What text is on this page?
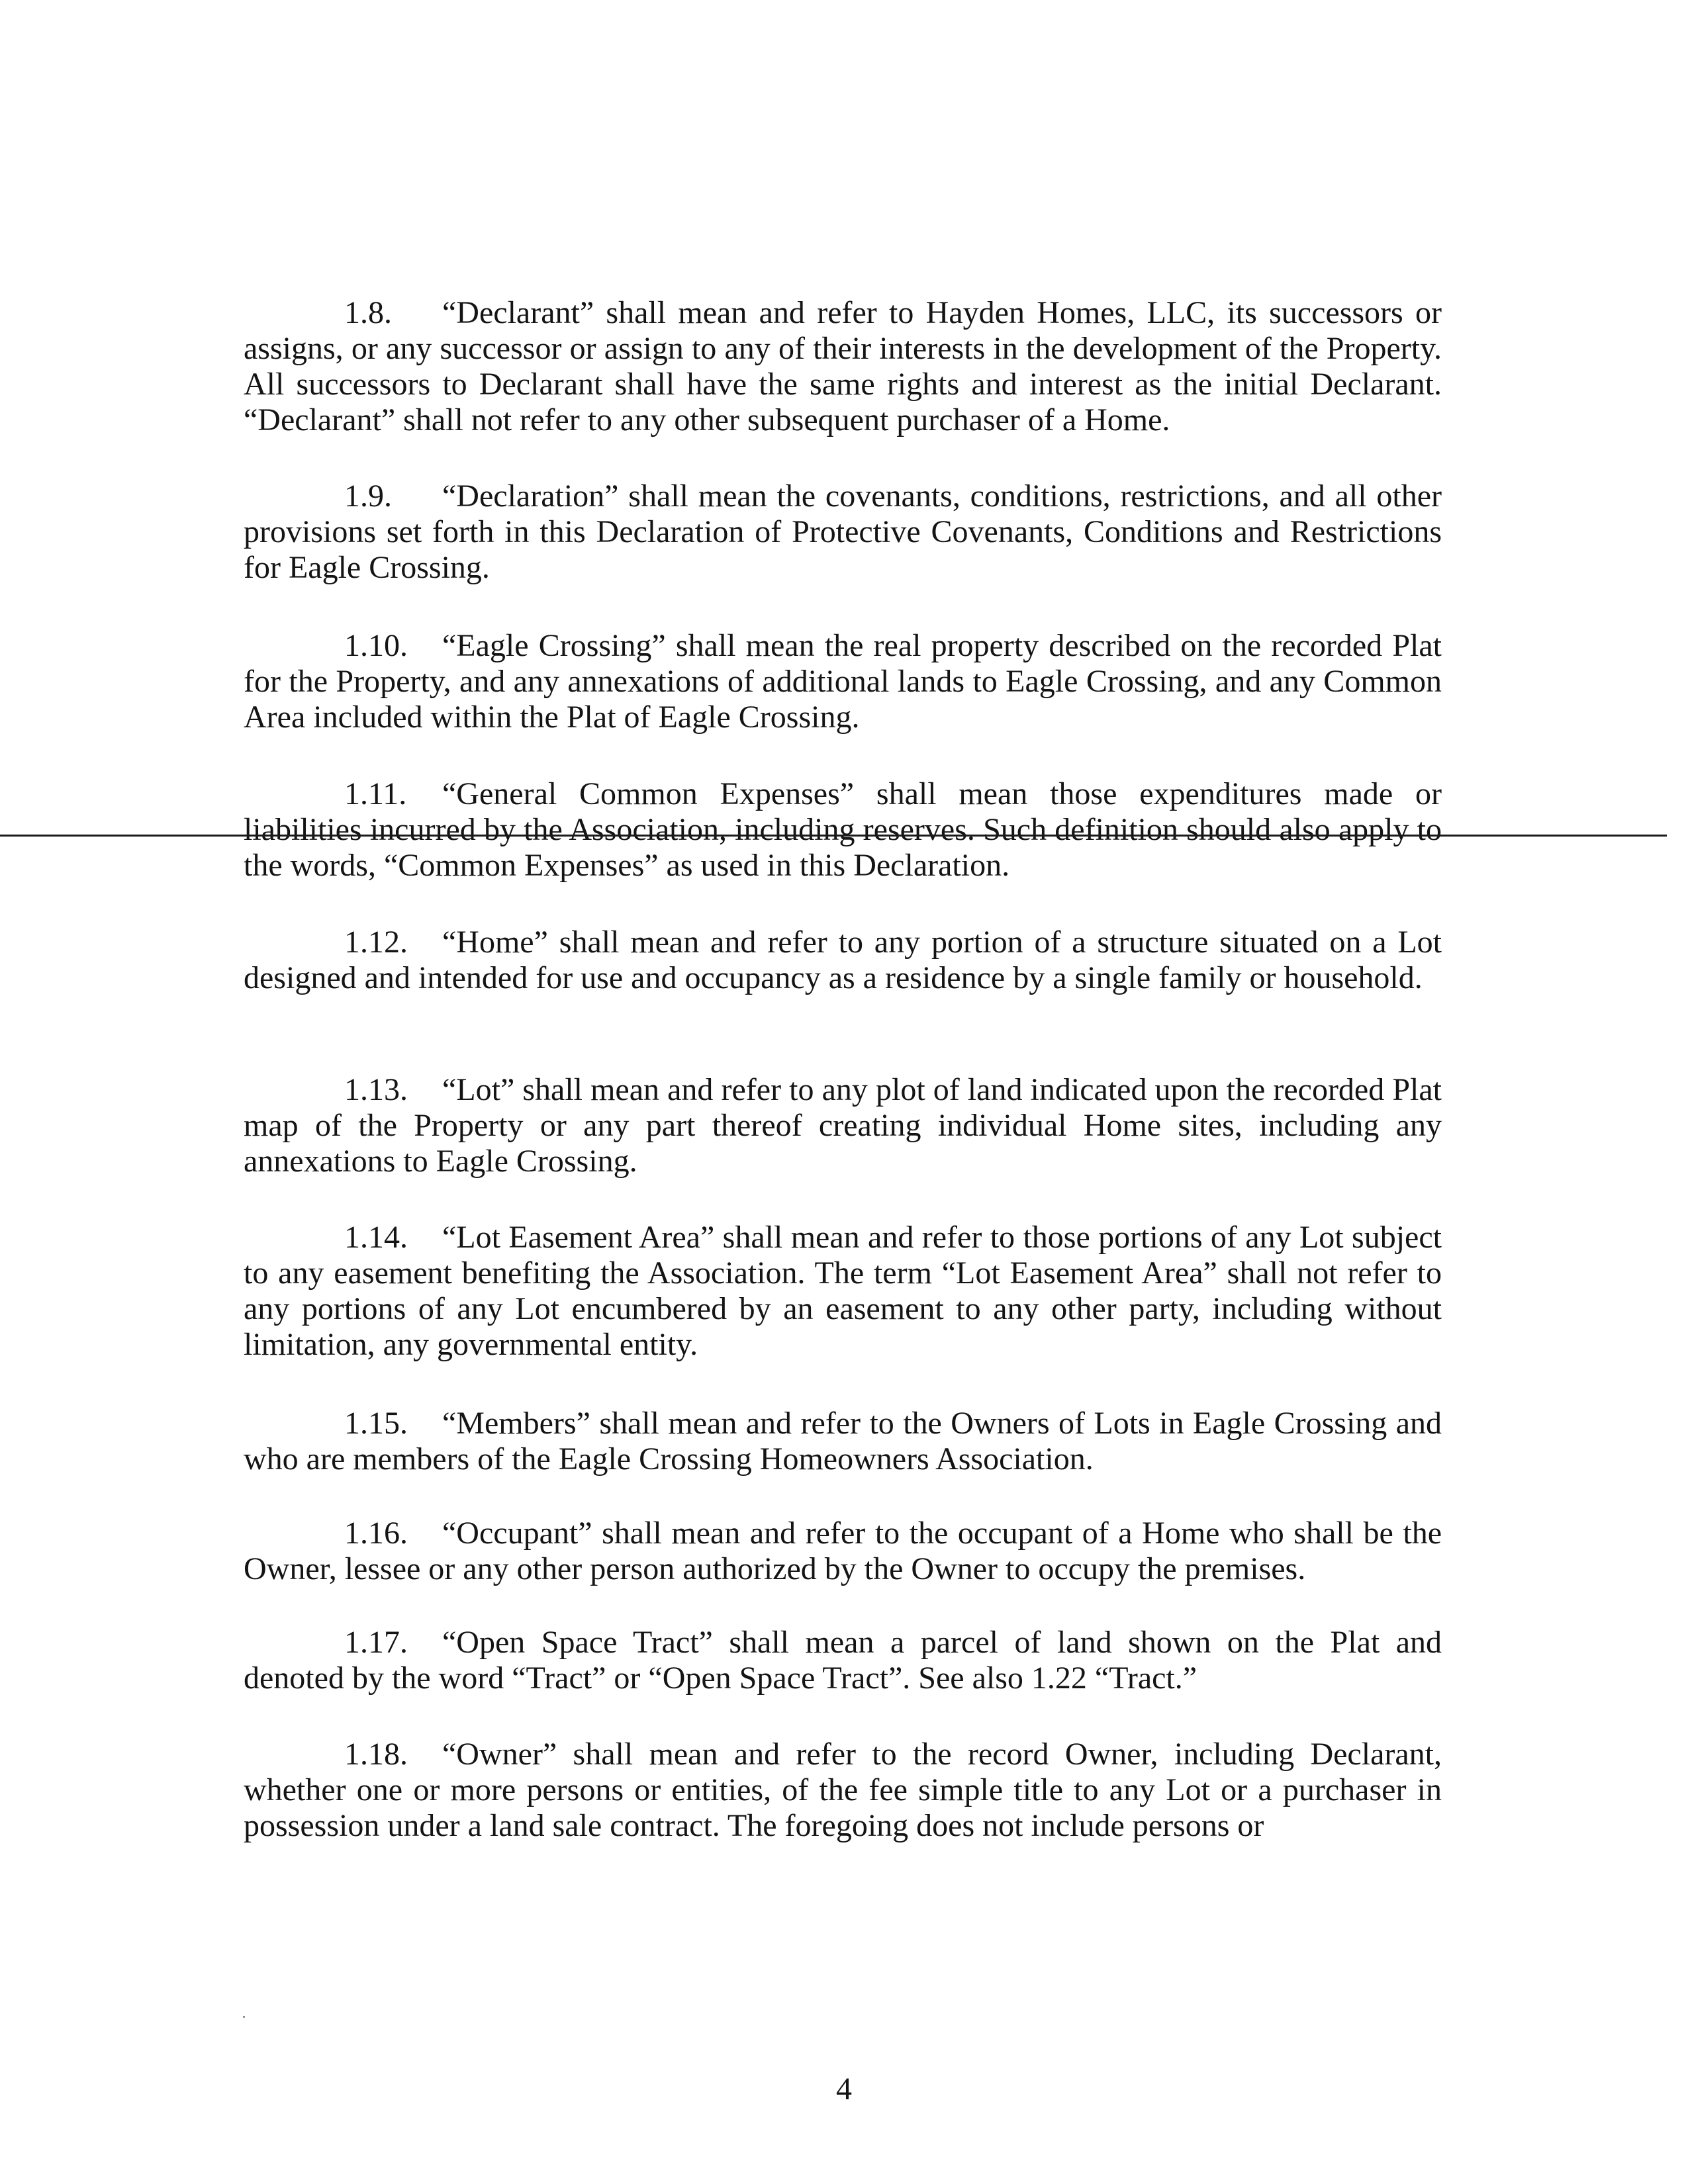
1.8. “Declarant” shall mean and refer to Hayden Homes, LLC, its successors or assigns, or any successor or assign to any of their interests in the development of the Property. All successors to Declarant shall have the same rights and interest as the initial Declarant. “Declarant” shall not refer to any other subsequent purchaser of a Home.
1.9. “Declaration” shall mean the covenants, conditions, restrictions, and all other provisions set forth in this Declaration of Protective Covenants, Conditions and Restrictions for Eagle Crossing.
1.10. “Eagle Crossing” shall mean the real property described on the recorded Plat for the Property, and any annexations of additional lands to Eagle Crossing, and any Common Area included within the Plat of Eagle Crossing.
1.11. “General Common Expenses” shall mean those expenditures made or liabilities incurred by the Association, including reserves. Such definition should also apply to the words, “Common Expenses” as used in this Declaration.
1.12. “Home” shall mean and refer to any portion of a structure situated on a Lot designed and intended for use and occupancy as a residence by a single family or household.
1.13. “Lot” shall mean and refer to any plot of land indicated upon the recorded Plat map of the Property or any part thereof creating individual Home sites, including any annexations to Eagle Crossing.
1.14. “Lot Easement Area” shall mean and refer to those portions of any Lot subject to any easement benefiting the Association. The term “Lot Easement Area” shall not refer to any portions of any Lot encumbered by an easement to any other party, including without limitation, any governmental entity.
1.15. “Members” shall mean and refer to the Owners of Lots in Eagle Crossing and who are members of the Eagle Crossing Homeowners Association.
1.16. “Occupant” shall mean and refer to the occupant of a Home who shall be the Owner, lessee or any other person authorized by the Owner to occupy the premises.
1.17. “Open Space Tract” shall mean a parcel of land shown on the Plat and denoted by the word “Tract” or “Open Space Tract”. See also 1.22 “Tract.”
1.18. “Owner” shall mean and refer to the record Owner, including Declarant, whether one or more persons or entities, of the fee simple title to any Lot or a purchaser in possession under a land sale contract. The foregoing does not include persons or
4
